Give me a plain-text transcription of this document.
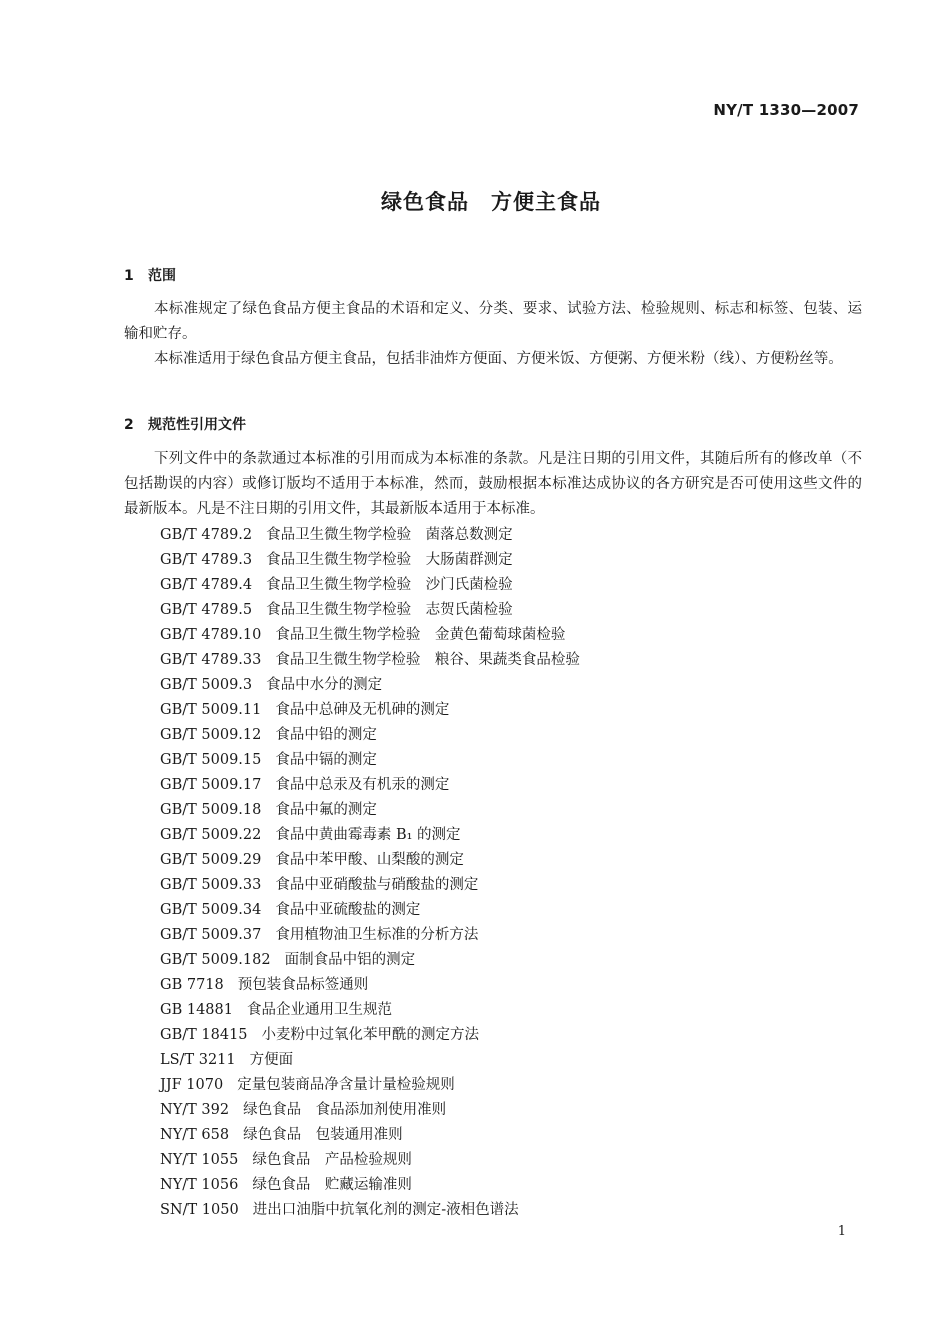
NY/T 1330—2007
绿色食品　方便主食品
1 范围

本标准规定了绿色食品方便主食品的术语和定义、分类、要求、试验方法、检验规则、标志和标签、包装、运输和贮存。

本标准适用于绿色食品方便主食品，包括非油炸方便面、方便米饭、方便粥、方便米粉（线）、方便粉丝等。

2 规范性引用文件

下列文件中的条款通过本标准的引用而成为本标准的条款。凡是注日期的引用文件，其随后所有的修改单（不包括勘误的内容）或修订版均不适用于本标准，然而，鼓励根据本标准达成协议的各方研究是否可使用这些文件的最新版本。凡是不注日期的引用文件，其最新版本适用于本标准。

GB/T 4789.2 食品卫生微生物学检验　菌落总数测定
GB/T 4789.3 食品卫生微生物学检验　大肠菌群测定
GB/T 4789.4 食品卫生微生物学检验　沙门氏菌检验
GB/T 4789.5 食品卫生微生物学检验　志贺氏菌检验
GB/T 4789.10 食品卫生微生物学检验　金黄色葡萄球菌检验
GB/T 4789.33 食品卫生微生物学检验　粮谷、果蔬类食品检验
GB/T 5009.3 食品中水分的测定
GB/T 5009.11 食品中总砷及无机砷的测定
GB/T 5009.12 食品中铅的测定
GB/T 5009.15 食品中镉的测定
GB/T 5009.17 食品中总汞及有机汞的测定
GB/T 5009.18 食品中氟的测定
GB/T 5009.22 食品中黄曲霉毒素 B₁ 的测定
GB/T 5009.29 食品中苯甲酸、山梨酸的测定
GB/T 5009.33 食品中亚硝酸盐与硝酸盐的测定
GB/T 5009.34 食品中亚硫酸盐的测定
GB/T 5009.37 食用植物油卫生标准的分析方法
GB/T 5009.182 面制食品中铝的测定
GB 7718 预包装食品标签通则
GB 14881 食品企业通用卫生规范
GB/T 18415 小麦粉中过氧化苯甲酰的测定方法
LS/T 3211 方便面
JJF 1070 定量包装商品净含量计量检验规则
NY/T 392 绿色食品　食品添加剂使用准则
NY/T 658 绿色食品　包装通用准则
NY/T 1055 绿色食品　产品检验规则
NY/T 1056 绿色食品　贮藏运输准则
SN/T 1050 进出口油脂中抗氧化剂的测定-液相色谱法
1
